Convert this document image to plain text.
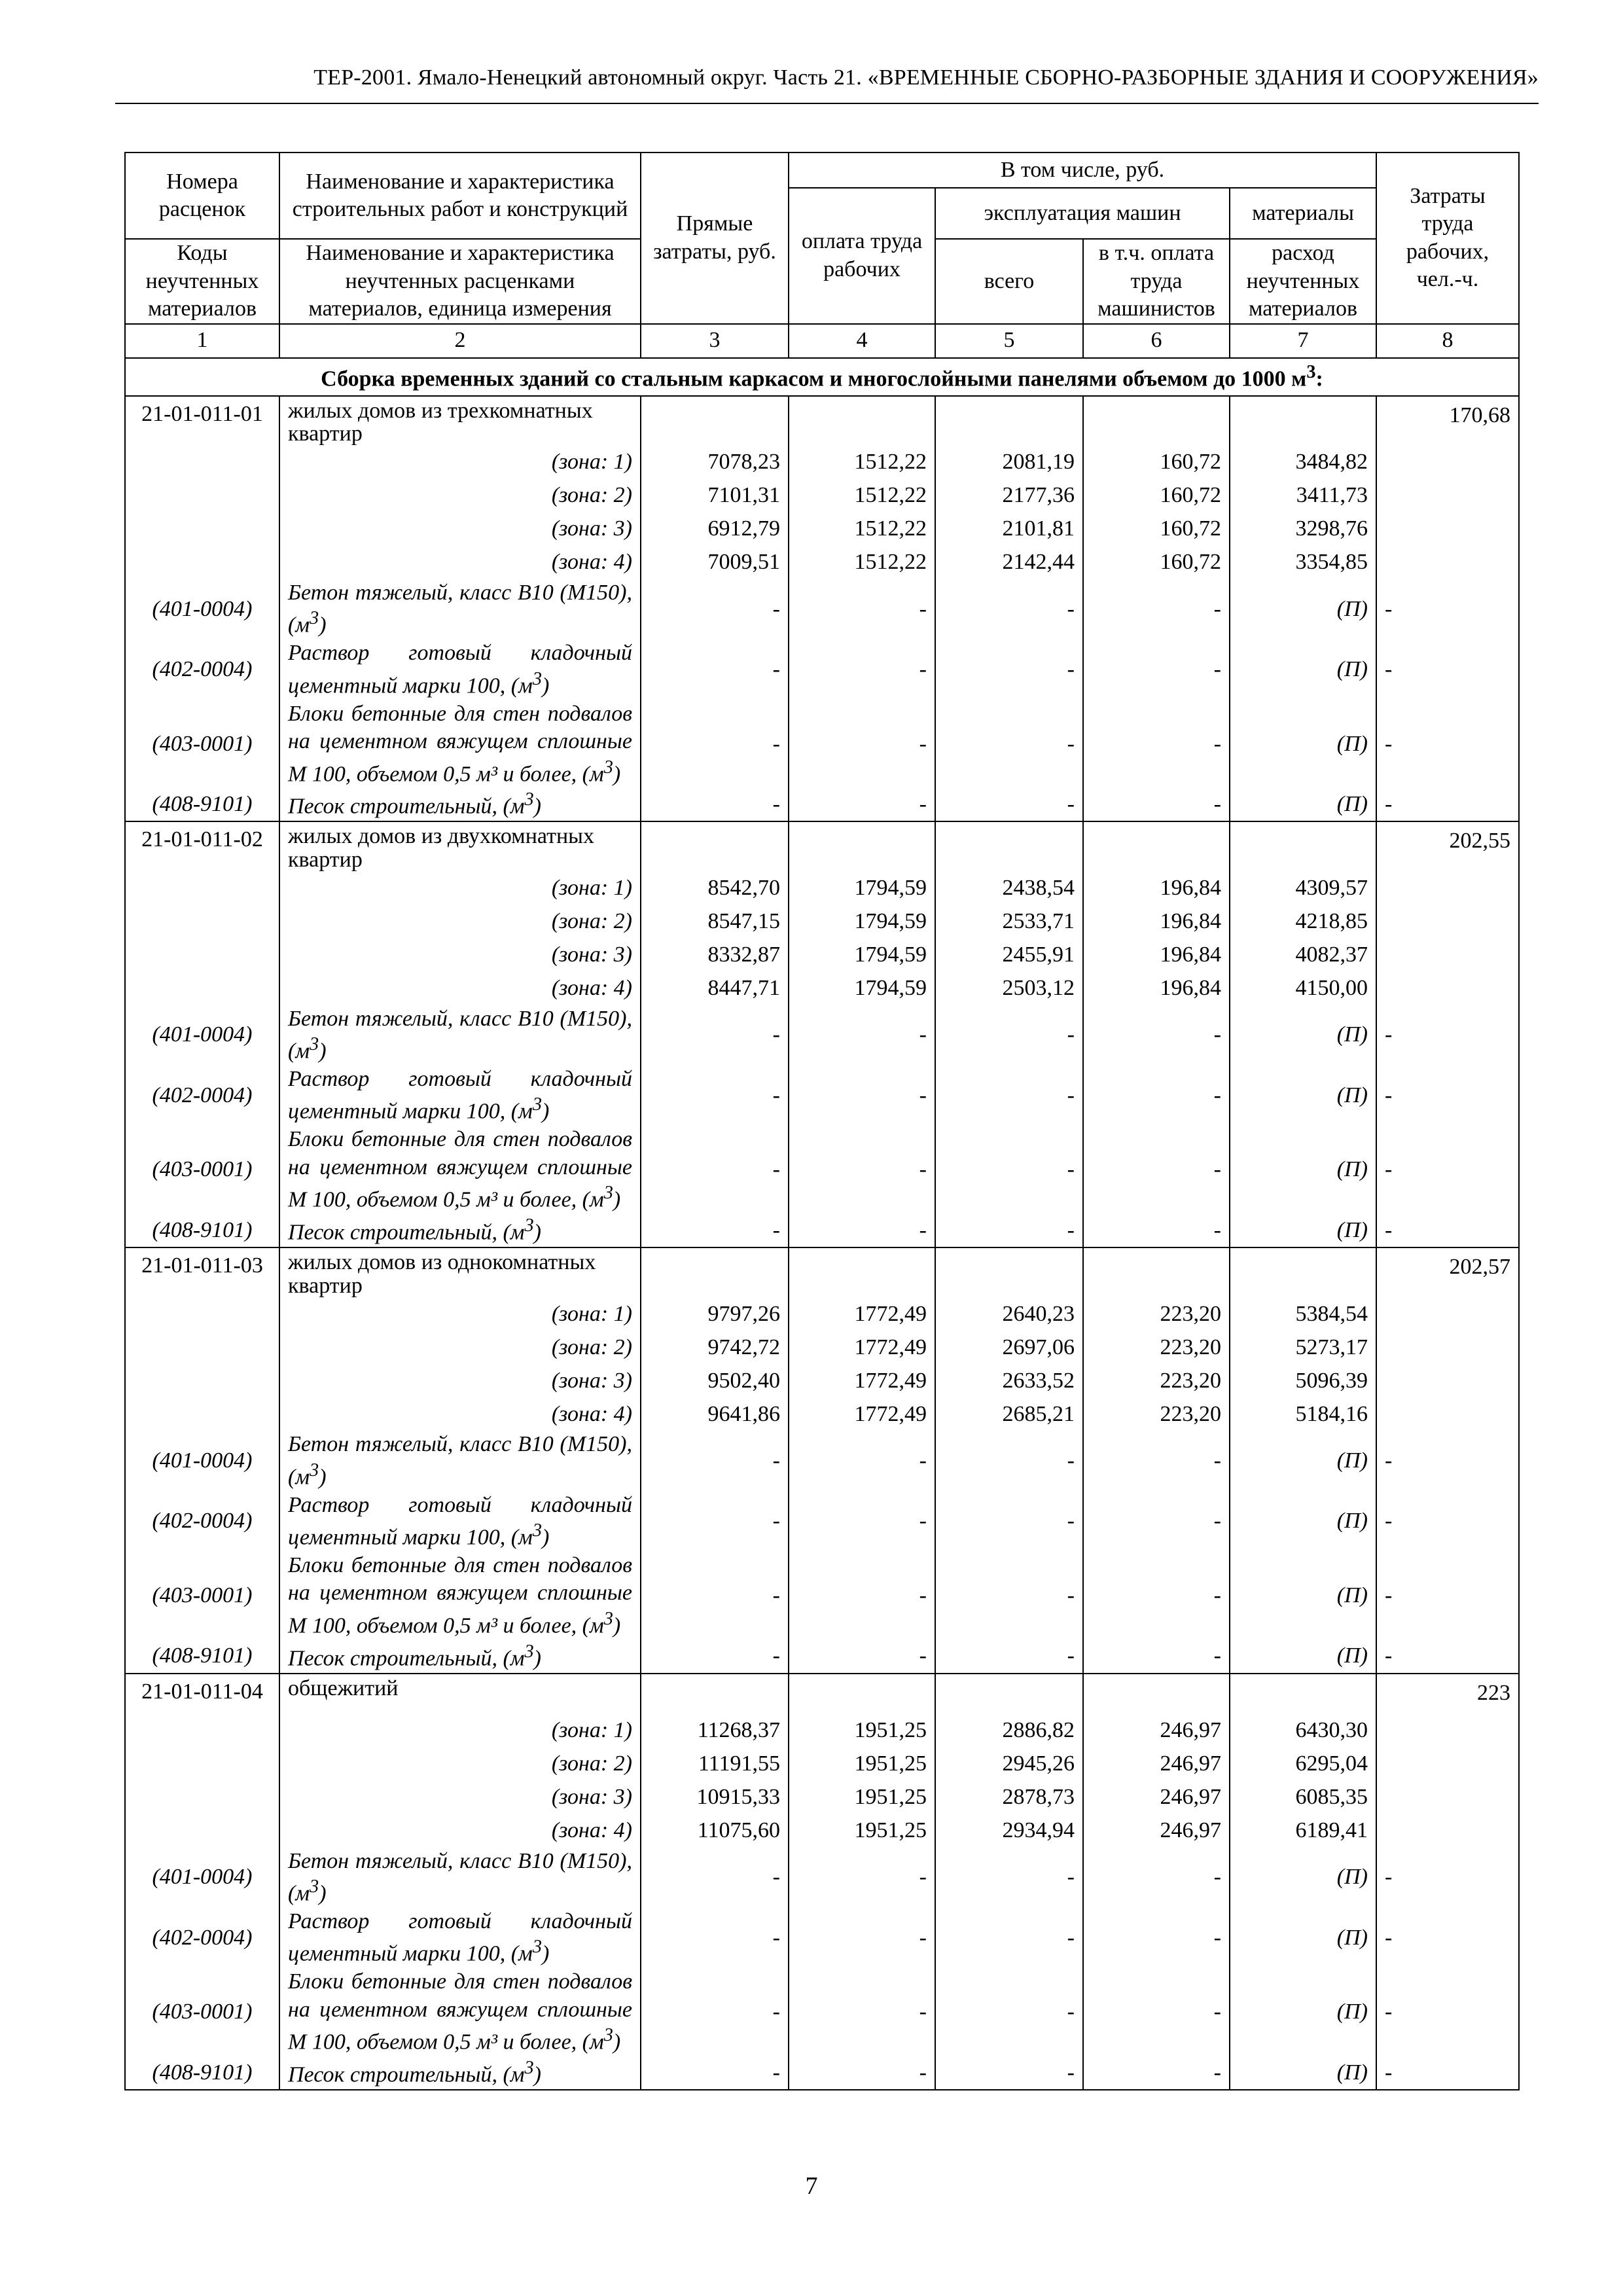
ТЕР-2001. Ямало-Ненецкий автономный округ. Часть 21. «ВРЕМЕННЫЕ СБОРНО-РАЗБОРНЫЕ ЗДАНИЯ И СООРУЖЕНИЯ»
Номера расценок	Наименование и характеристика строительных работ и конструкций	Прямые затраты, руб.	В том числе, руб.				Затраты труда рабочих, чел.-ч.
			оплата труда рабочих	эксплуатация машин		материалы	
Коды неучтенных материалов	Наименование и характеристика неучтенных расценками материалов, единица измерения			всего	в т.ч. оплата труда машинистов	расход неучтенных материалов	
1	2	3	4	5	6	7	8
Сборка временных зданий со стальным каркасом и многослойными панелями объемом до 1000 $м^3$:							
21-01-011-01	жилых домов из трехкомнатных квартир						170,68
	(зона: 1)	7078,23	1512,22	2081,19	160,72	3484,82	
	(зона: 2)	7101,31	1512,22	2177,36	160,72	3411,73	
	(зона: 3)	6912,79	1512,22	2101,81	160,72	3298,76	
	(зона: 4)	7009,51	1512,22	2142,44	160,72	3354,85	
(401-0004)	Бетон тяжелый, класс В10 (М150), $(м^3)$	-	-	-	-	(П)	-
(402-0004)	Раствор готовый кладочный цементный марки 100, $(м^3)$	-	-	-	-	(П)	-
(403-0001)	Блоки бетонные для стен подвалов на цементном вяжущем сплошные М 100, объемом 0,5 м³ и более, $(м^3)$	-	-	-	-	(П)	-
(408-9101)	Песок строительный, $(м^3)$	-	-	-	-	(П)	-
21-01-011-02	жилых домов из двухкомнатных квартир						202,55
	(зона: 1)	8542,70	1794,59	2438,54	196,84	4309,57	
	(зона: 2)	8547,15	1794,59	2533,71	196,84	4218,85	
	(зона: 3)	8332,87	1794,59	2455,91	196,84	4082,37	
	(зона: 4)	8447,71	1794,59	2503,12	196,84	4150,00	
(401-0004)	Бетон тяжелый, класс В10 (М150), $(м^3)$	-	-	-	-	(П)	-
(402-0004)	Раствор готовый кладочный цементный марки 100, $(м^3)$	-	-	-	-	(П)	-
(403-0001)	Блоки бетонные для стен подвалов на цементном вяжущем сплошные М 100, объемом 0,5 м³ и более, $(м^3)$	-	-	-	-	(П)	-
(408-9101)	Песок строительный, $(м^3)$	-	-	-	-	(П)	-
21-01-011-03	жилых домов из однокомнатных квартир						202,57
	(зона: 1)	9797,26	1772,49	2640,23	223,20	5384,54	
	(зона: 2)	9742,72	1772,49	2697,06	223,20	5273,17	
	(зона: 3)	9502,40	1772,49	2633,52	223,20	5096,39	
	(зона: 4)	9641,86	1772,49	2685,21	223,20	5184,16	
(401-0004)	Бетон тяжелый, класс В10 (М150), $(м^3)$	-	-	-	-	(П)	-
(402-0004)	Раствор готовый кладочный цементный марки 100, $(м^3)$	-	-	-	-	(П)	-
(403-0001)	Блоки бетонные для стен подвалов на цементном вяжущем сплошные М 100, объемом 0,5 м³ и более, $(м^3)$	-	-	-	-	(П)	-
(408-9101)	Песок строительный, $(м^3)$	-	-	-	-	(П)	-
21-01-011-04	общежитий						223
	(зона: 1)	11268,37	1951,25	2886,82	246,97	6430,30	
	(зона: 2)	11191,55	1951,25	2945,26	246,97	6295,04	
	(зона: 3)	10915,33	1951,25	2878,73	246,97	6085,35	
	(зона: 4)	11075,60	1951,25	2934,94	246,97	6189,41	
(401-0004)	Бетон тяжелый, класс В10 (М150), $(м^3)$	-	-	-	-	(П)	-
(402-0004)	Раствор готовый кладочный цементный марки 100, $(м^3)$	-	-	-	-	(П)	-
(403-0001)	Блоки бетонные для стен подвалов на цементном вяжущем сплошные М 100, объемом 0,5 м³ и более, $(м^3)$	-	-	-	-	(П)	-
(408-9101)	Песок строительный, $(м^3)$	-	-	-	-	(П)	-
7
